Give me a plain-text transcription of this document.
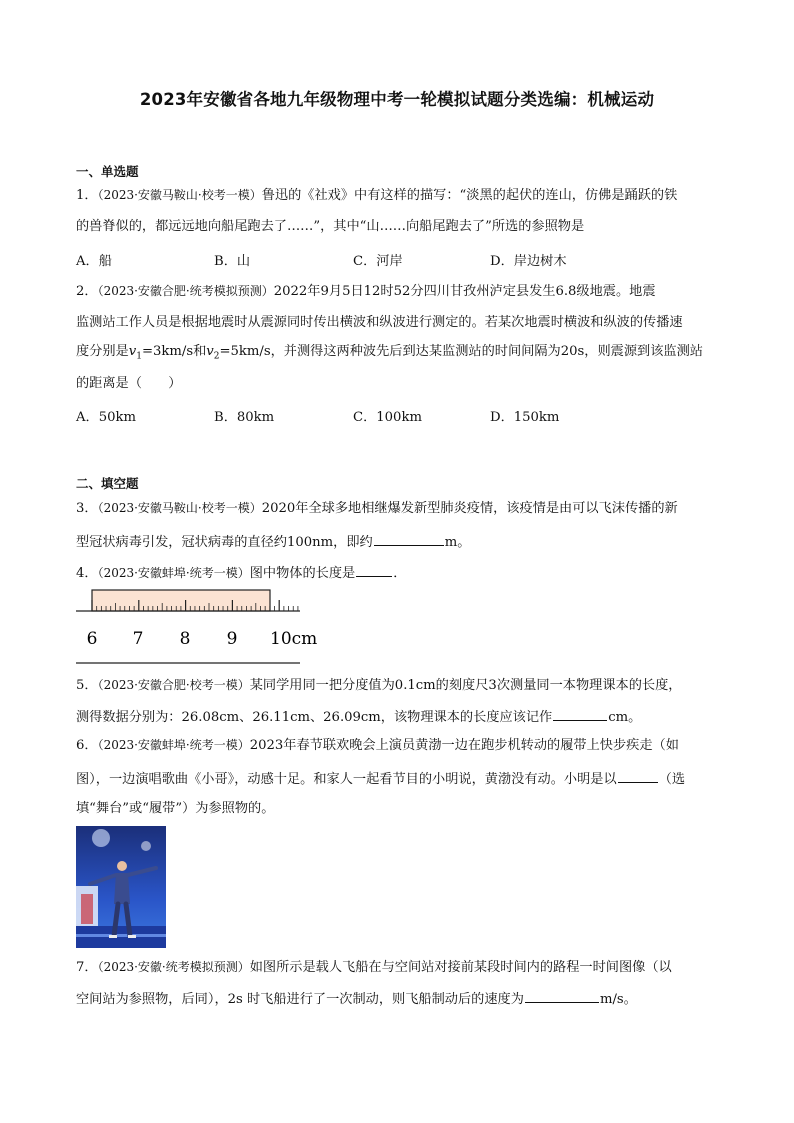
2023年安徽省各地九年级物理中考一轮模拟试题分类选编：机械运动
一、单选题
1．（2023·安徽马鞍山·校考一模）鲁迅的《社戏》中有这样的描写：“淡黑的起伏的连山，仿佛是踊跃的铁
的兽脊似的，都远远地向船尾跑去了……”，其中“山……向船尾跑去了”所选的参照物是
A．船	B．山	C．河岸	D．岸边树木
2．（2023·安徽合肥·统考模拟预测）2022年9月5日12时52分四川甘孜州泸定县发生6.8级地震。地震
监测站工作人员是根据地震时从震源同时传出横波和纵波进行测定的。若某次地震时横波和纵波的传播速
度分别是$v_1=3km/s$和$v_2=5km/s$，并测得这两种波先后到达某监测站的时间间隔为20s，则震源到该监测站
的距离是（　　）
A．50km	B．80km	C．100km	D．150km
二、填空题
3．（2023·安徽马鞍山·校考一模）2020年全球多地相继爆发新型肺炎疫情，该疫情是由可以飞沫传播的新
型冠状病毒引发，冠状病毒的直径约100nm，即约	m。
4．（2023·安徽蚌埠·统考一模）图中物体的长度是	．
6 7 8 9 10cm
5．（2023·安徽合肥·校考一模）某同学用同一把分度值为0.1cm的刻度尺3次测量同一本物理课本的长度，
测得数据分别为：26.08cm、26.11cm、26.09cm，该物理课本的长度应该记作	cm。
6．（2023·安徽蚌埠·统考一模）2023年春节联欢晚会上演员黄渤一边在跑步机转动的履带上快步疾走（如
图），一边演唱歌曲《小哥》，动感十足。和家人一起看节目的小明说，黄渤没有动。小明是以	（选
填“舞台”或“履带”）为参照物的。
7．（2023·安徽·统考模拟预测）如图所示是载人飞船在与空间站对接前某段时间内的路程一时间图像（以
空间站为参照物，后同），2s 时飞船进行了一次制动，则飞船制动后的速度为	m/s。
